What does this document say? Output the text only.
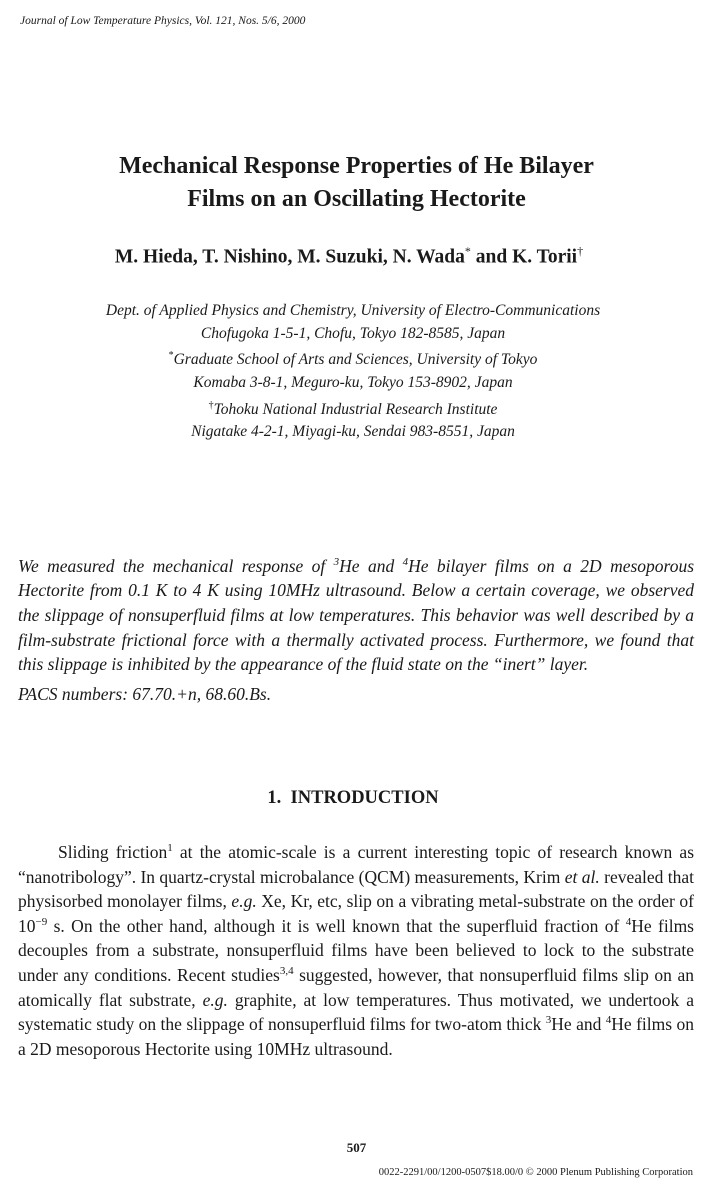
Journal of Low Temperature Physics, Vol. 121, Nos. 5/6, 2000
Mechanical Response Properties of He Bilayer
Films on an Oscillating Hectorite
M. Hieda, T. Nishino, M. Suzuki, N. Wada* and K. Torii†
Dept. of Applied Physics and Chemistry, University of Electro-Communications
Chofugoka 1-5-1, Chofu, Tokyo 182-8585, Japan
*Graduate School of Arts and Sciences, University of Tokyo
Komaba 3-8-1, Meguro-ku, Tokyo 153-8902, Japan
†Tohoku National Industrial Research Institute
Nigatake 4-2-1, Miyagi-ku, Sendai 983-8551, Japan

We measured the mechanical response of $^3$He and $^4$He bilayer films on a 2D mesoporous Hectorite from 0.1 K to 4 K using 10MHz ultrasound. Below a certain coverage, we observed the slippage of nonsuperfluid films at low temperatures. This behavior was well described by a film-substrate frictional force with a thermally activated process. Furthermore, we found that this slippage is inhibited by the appearance of the fluid state on the “inert” layer.

PACS numbers: 67.70.+n, 68.60.Bs.

1.  INTRODUCTION

Sliding friction$^1$ at the atomic-scale is a current interesting topic of research known as “nanotribology”. In quartz-crystal microbalance (QCM) measurements, Krim et al. revealed that physisorbed monolayer films, e.g. Xe, Kr, etc, slip on a vibrating metal-substrate on the order of $10^{-9}$ s. On the other hand, although it is well known that the superfluid fraction of $^4$He films decouples from a substrate, nonsuperfluid films have been believed to lock to the substrate under any conditions. Recent studies$^{3,4}$ suggested, however, that nonsuperfluid films slip on an atomically flat substrate, e.g. graphite, at low temperatures. Thus motivated, we undertook a systematic study on the slippage of nonsuperfluid films for two-atom thick $^3$He and $^4$He films on a 2D mesoporous Hectorite using 10MHz ultrasound.

507
0022-2291/00/1200-0507$18.00/0 © 2000 Plenum Publishing Corporation
